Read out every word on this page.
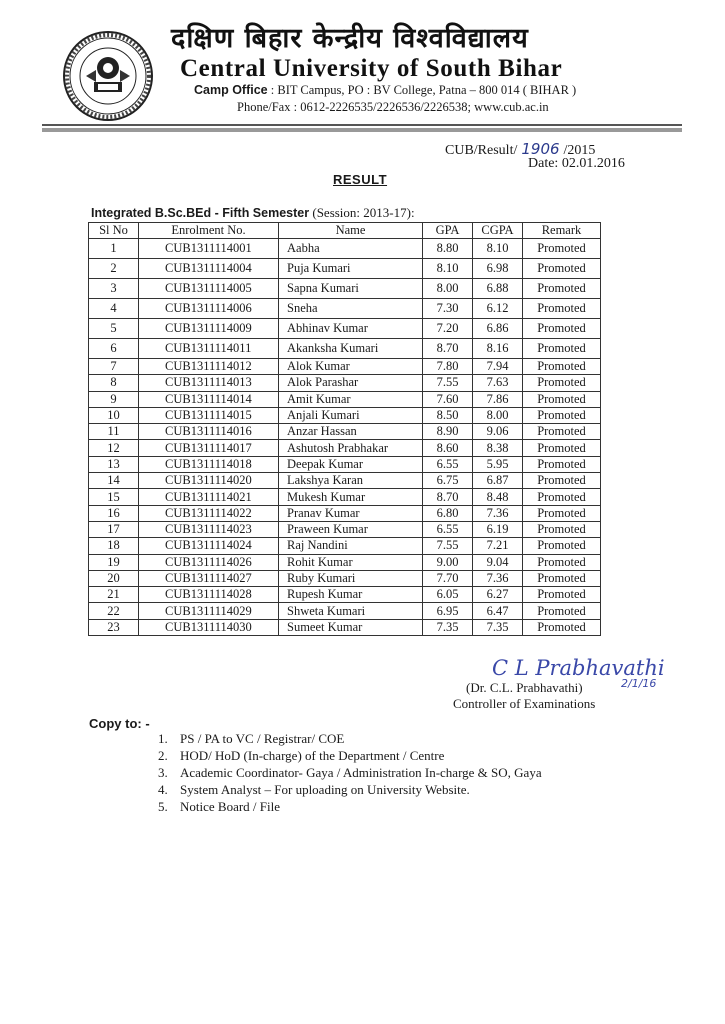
दक्षिण बिहार केन्द्रीय विश्वविद्यालय
Central University of South Bihar
Camp Office : BIT Campus, PO : BV College, Patna – 800 014 ( BIHAR )
Phone/Fax : 0612-2226535/2226536/2226538; www.cub.ac.in
CUB/Result/ 1906 /2015
Date: 02.01.2016
RESULT
Integrated B.Sc.BEd - Fifth Semester (Session: 2013-17):
Sl No	Enrolment No.	Name	GPA	CGPA	Remark
1	CUB1311114001	Aabha	8.80	8.10	Promoted
2	CUB1311114004	Puja Kumari	8.10	6.98	Promoted
3	CUB1311114005	Sapna Kumari	8.00	6.88	Promoted
4	CUB1311114006	Sneha	7.30	6.12	Promoted
5	CUB1311114009	Abhinav Kumar	7.20	6.86	Promoted
6	CUB1311114011	Akanksha Kumari	8.70	8.16	Promoted
7	CUB1311114012	Alok Kumar	7.80	7.94	Promoted
8	CUB1311114013	Alok Parashar	7.55	7.63	Promoted
9	CUB1311114014	Amit Kumar	7.60	7.86	Promoted
10	CUB1311114015	Anjali Kumari	8.50	8.00	Promoted
11	CUB1311114016	Anzar Hassan	8.90	9.06	Promoted
12	CUB1311114017	Ashutosh Prabhakar	8.60	8.38	Promoted
13	CUB1311114018	Deepak Kumar	6.55	5.95	Promoted
14	CUB1311114020	Lakshya Karan	6.75	6.87	Promoted
15	CUB1311114021	Mukesh Kumar	8.70	8.48	Promoted
16	CUB1311114022	Pranav Kumar	6.80	7.36	Promoted
17	CUB1311114023	Praween Kumar	6.55	6.19	Promoted
18	CUB1311114024	Raj Nandini	7.55	7.21	Promoted
19	CUB1311114026	Rohit Kumar	9.00	9.04	Promoted
20	CUB1311114027	Ruby Kumari	7.70	7.36	Promoted
21	CUB1311114028	Rupesh Kumar	6.05	6.27	Promoted
22	CUB1311114029	Shweta Kumari	6.95	6.47	Promoted
23	CUB1311114030	Sumeet Kumar	7.35	7.35	Promoted
C L Prabhavathi
2/1/16
(Dr. C.L. Prabhavathi)
Controller of Examinations
Copy to: -
1. PS / PA to VC / Registrar/ COE
2. HOD/ HoD (In-charge) of the Department / Centre
3. Academic Coordinator- Gaya / Administration In-charge & SO, Gaya
4. System Analyst – For uploading on University Website.
5. Notice Board / File
